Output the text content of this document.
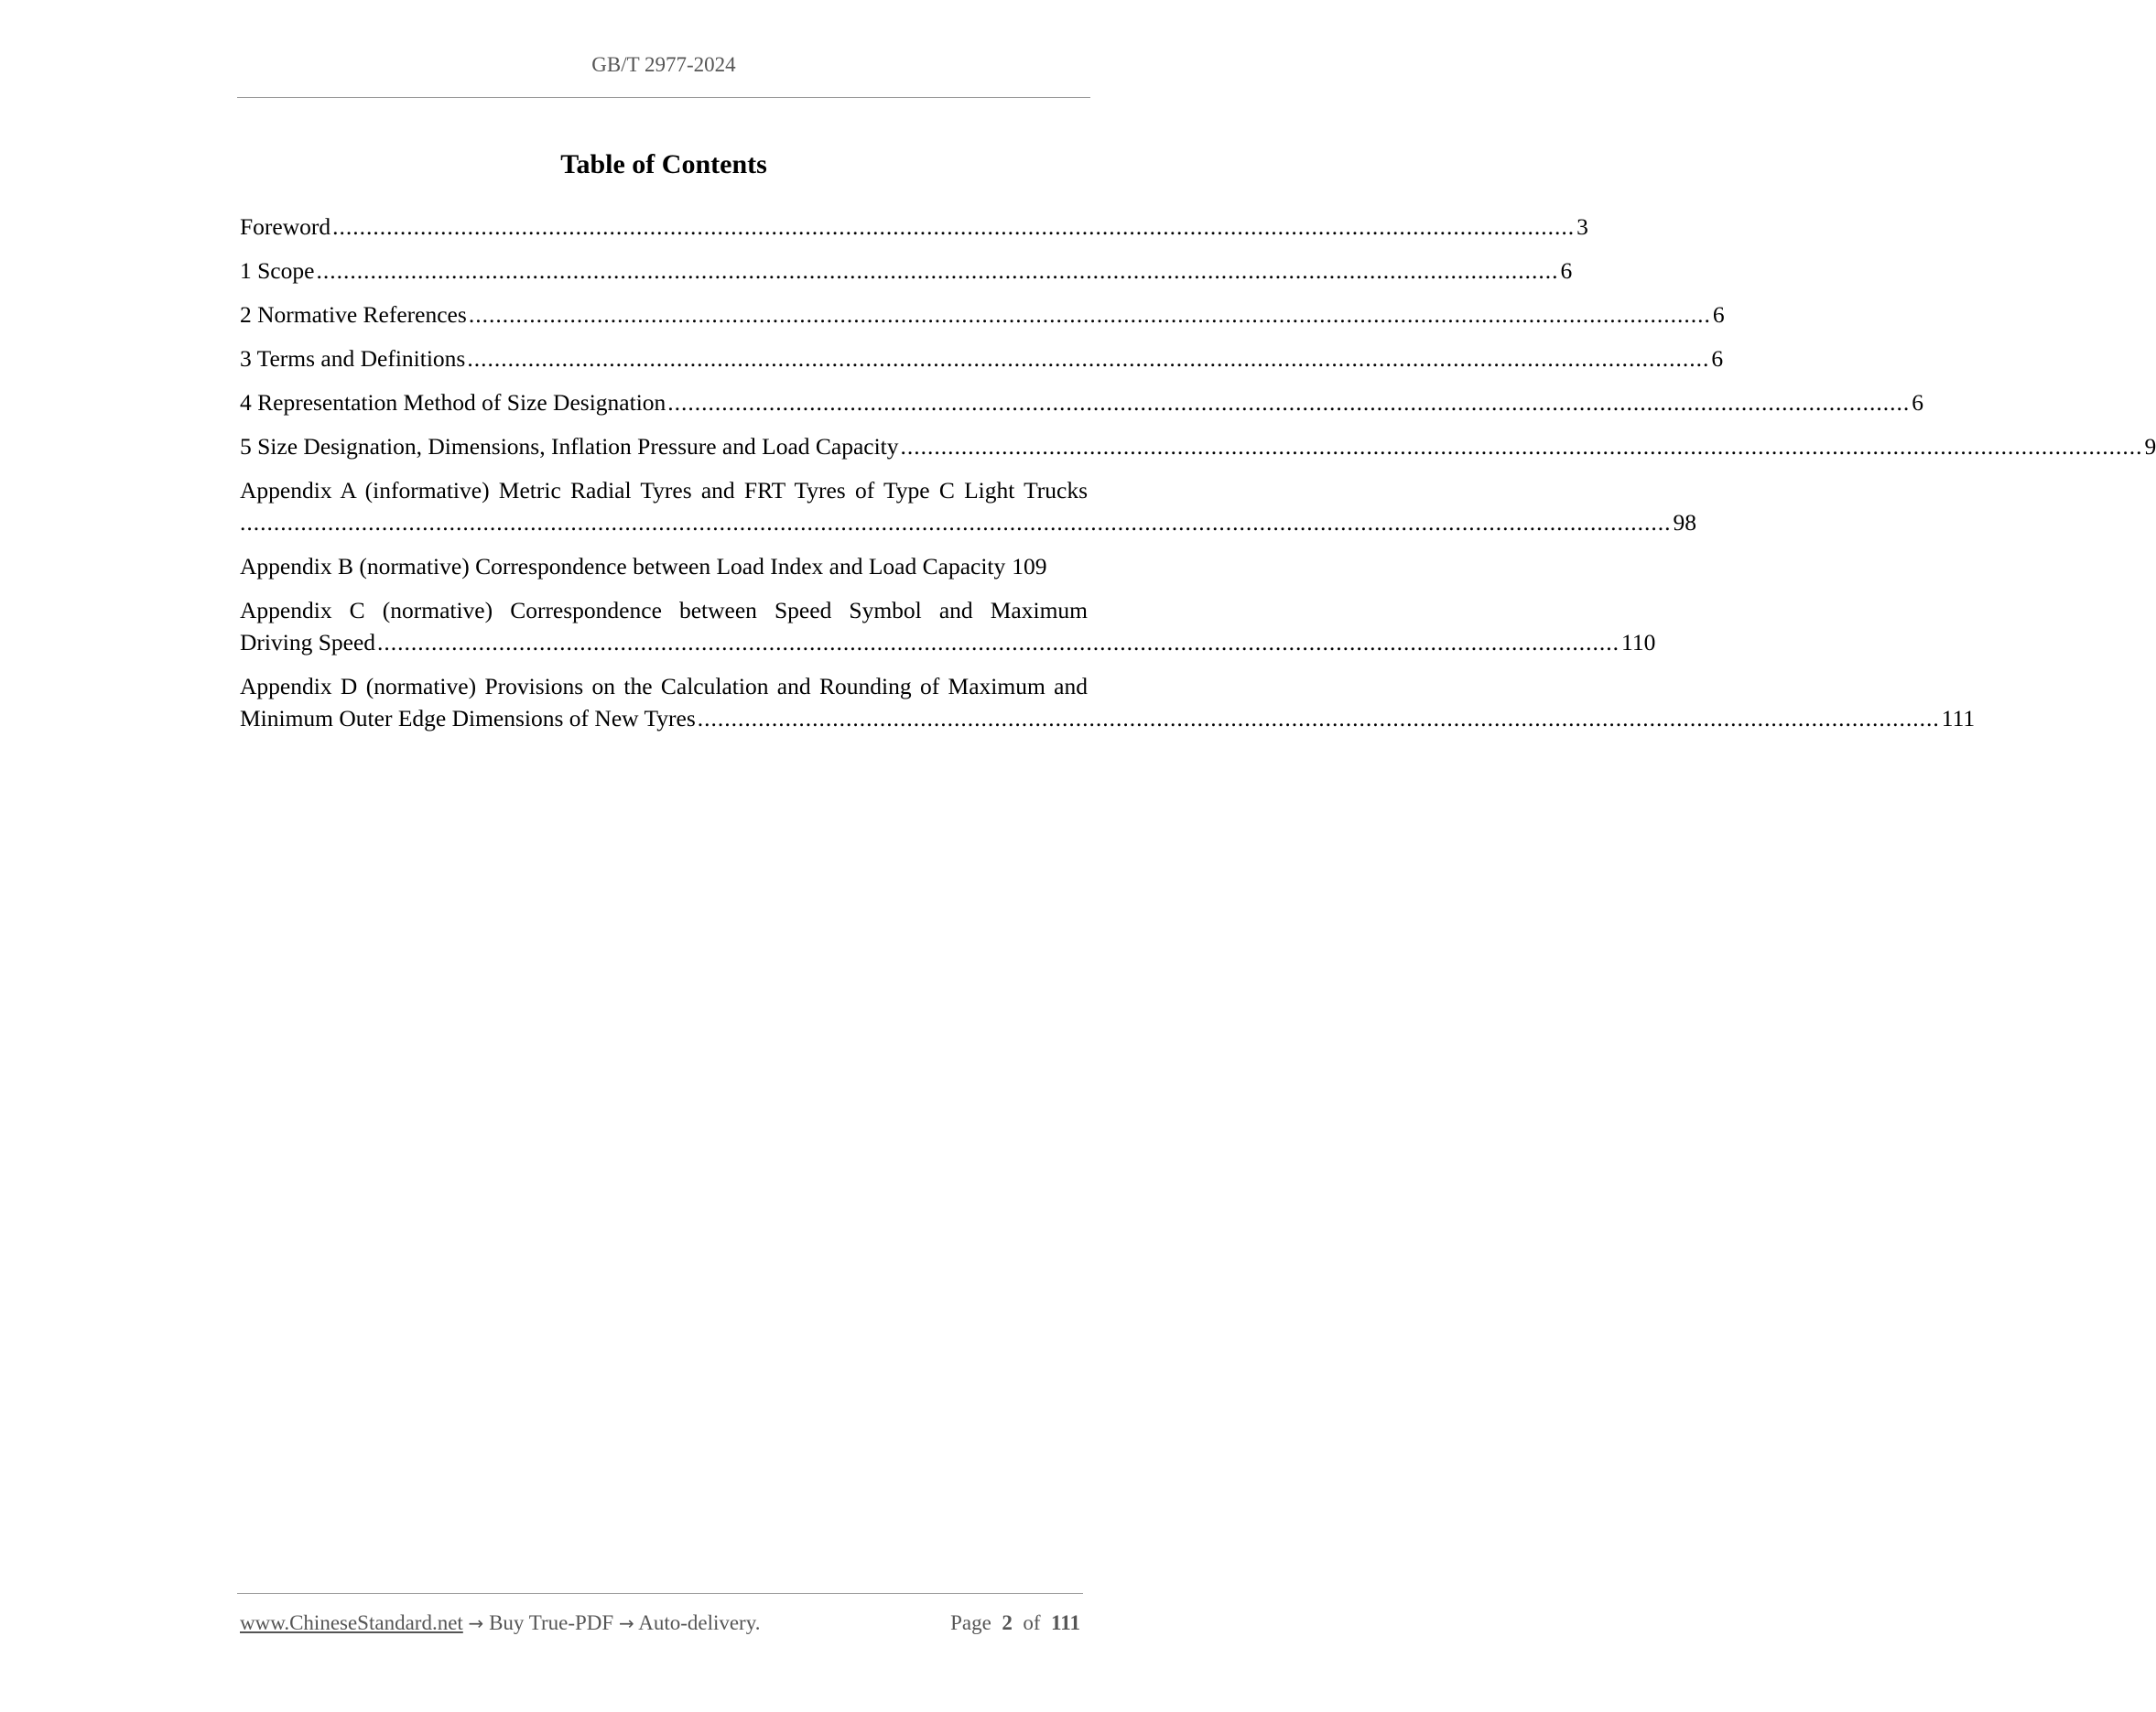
GB/T 2977-2024
Table of Contents
Foreword ........................................................................................................................................................................................ 3
1 Scope ........................................................................................................................................................................................ 6
2 Normative References ........................................................................................................................................................................................ 6
3 Terms and Definitions ........................................................................................................................................................................................ 6
4 Representation Method of Size Designation ........................................................................................................................................................................................ 6
5 Size Designation, Dimensions, Inflation Pressure and Load Capacity ........................................................................................................................................................................................ 9
Appendix A (informative) Metric Radial Tyres and FRT Tyres of Type C Light Trucks
.................................................................................................................................................................................................................... 98
Appendix B (normative) Correspondence between Load Index and Load Capacity 109
Appendix C (normative) Correspondence between Speed Symbol and Maximum
Driving Speed ........................................................................................................................................................................................ 110
Appendix D (normative) Provisions on the Calculation and Rounding of Maximum and
Minimum Outer Edge Dimensions of New Tyres ........................................................................................................................................................................................ 111
www.ChineseStandard.net → Buy True-PDF → Auto-delivery.	Page 2 of 111
